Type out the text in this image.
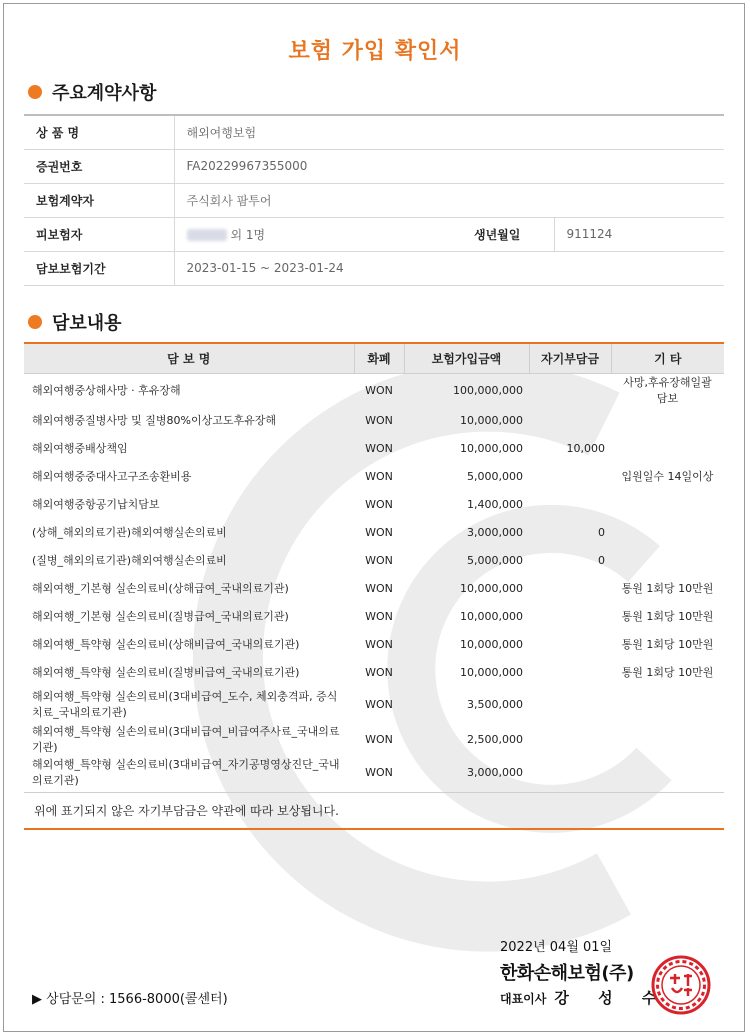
보험 가입 확인서
주요계약사항
상 품 명	해외여행보험		
증권번호	FA20229967355000		
보험계약자	주식회사 팜투어		
피보험자	외 1명	생년월일	911124
담보보험기간	2023-01-15 ~ 2023-01-24		
담보내용
담 보 명	화폐	보험가입금액	자기부담금	기 타
해외여행중상해사망 · 후유장해	WON	100,000,000		사망,후유장해일괄 담보
해외여행중질병사망 및 질병80%이상고도후유장해	WON	10,000,000		
해외여행중배상책임	WON	10,000,000	10,000	
해외여행중중대사고구조송환비용	WON	5,000,000		입원일수 14일이상
해외여행중항공기납치담보	WON	1,400,000		
(상해_해외의료기관)해외여행실손의료비	WON	3,000,000	0	
(질병_해외의료기관)해외여행실손의료비	WON	5,000,000	0	
해외여행_기본형 실손의료비(상해급여_국내의료기관)	WON	10,000,000		통원 1회당 10만원
해외여행_기본형 실손의료비(질병급여_국내의료기관)	WON	10,000,000		통원 1회당 10만원
해외여행_특약형 실손의료비(상해비급여_국내의료기관)	WON	10,000,000		통원 1회당 10만원
해외여행_특약형 실손의료비(질병비급여_국내의료기관)	WON	10,000,000		통원 1회당 10만원
해외여행_특약형 실손의료비(3대비급여_도수, 체외충격파, 증식치료_국내의료기관)	WON	3,500,000		
해외여행_특약형 실손의료비(3대비급여_비급여주사료_국내의료기관)	WON	2,500,000		
해외여행_특약형 실손의료비(3대비급여_자기공명영상진단_국내의료기관)	WON	3,000,000		
위에 표기되지 않은 자기부담금은 약관에 따라 보상됩니다.
▶ 상담문의 : 1566-8000(콜센터)
2022년 04월 01일
한화손해보험(주)
대표이사 강 성 수
